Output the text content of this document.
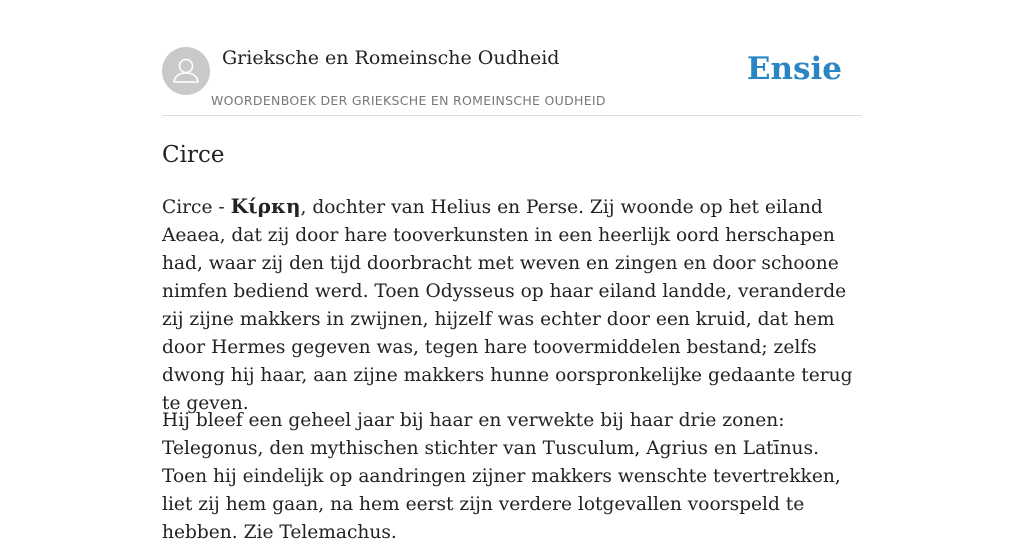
Grieksche en Romeinsche Oudheid
WOORDENBOEK DER GRIEKSCHE EN ROMEINSCHE OUDHEID
Ensie
Circe

Circe - Κίρκη, dochter van Helius en Perse. Zij woonde op het eiland Aeaea, dat zij door hare tooverkunsten in een heerlijk oord herschapen had, waar zij den tijd doorbracht met weven en zingen en door schoone nimfen bediend werd. Toen Odysseus op haar eiland landde, veranderde zij zijne makkers in zwijnen, hijzelf was echter door een kruid, dat hem door Hermes gegeven was, tegen hare toovermiddelen bestand; zelfs dwong hij haar, aan zijne makkers hunne oorspronkelijke gedaante terug te geven.

Hij bleef een geheel jaar bij haar en verwekte bij haar drie zonen: Telegonus, den mythischen stichter van Tusculum, Agrius en Latīnus. Toen hij eindelijk op aandringen zijner makkers wenschte tevertrekken, liet zij hem gaan, na hem eerst zijn verdere lotgevallen voorspeld te hebben. Zie Telemachus.
